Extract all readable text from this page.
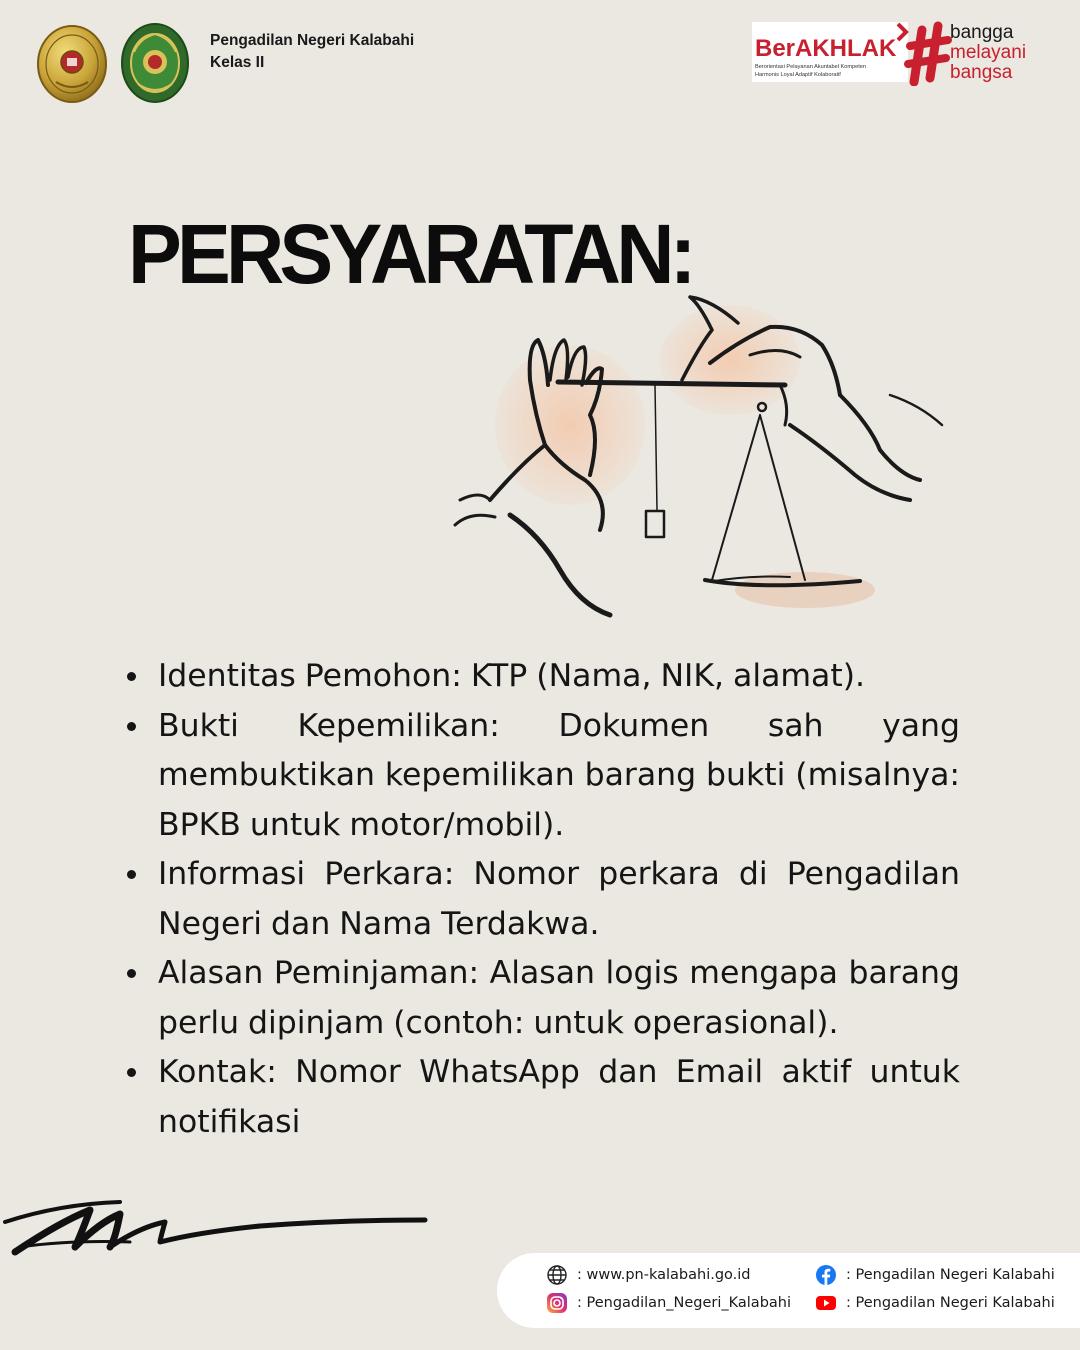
Pengadilan Negeri Kalabahi
Kelas II
BerAKHLAK
Berorientasi Pelayanan Akuntabel Kompeten
Harmonis Loyal Adaptif Kolaboratif
bangga
melayani
bangsa
PERSYARATAN:
Identitas Pemohon: KTP (Nama, NIK, alamat).
Bukti Kepemilikan: Dokumen sah yang membuktikan kepemilikan barang bukti (misalnya: BPKB untuk motor/mobil).
Informasi Perkara: Nomor perkara di Pengadilan Negeri dan Nama Terdakwa.
Alasan Peminjaman: Alasan logis mengapa barang perlu dipinjam (contoh: untuk operasional).
Kontak: Nomor WhatsApp dan Email aktif untuk notifikasi
: www.pn-kalabahi.go.id
: Pengadilan_Negeri_Kalabahi
: Pengadilan Negeri Kalabahi
: Pengadilan Negeri Kalabahi
